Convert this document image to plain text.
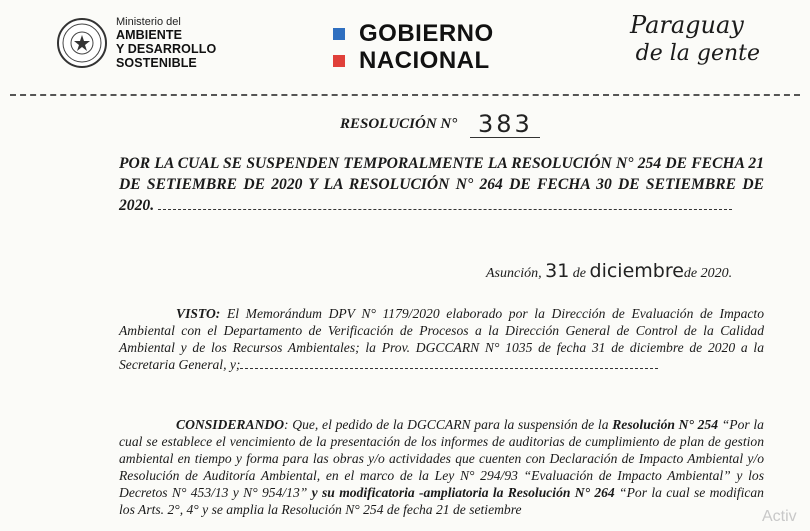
Ministerio del
AMBIENTE
Y DESARROLLO
SOSTENIBLE
GOBIERNO
NACIONAL
Paraguay
de la gente
RESOLUCIÓN N° 383
POR LA CUAL SE SUSPENDEN TEMPORALMENTE LA RESOLUCIÓN N° 254 DE FECHA 21 DE SETIEMBRE DE 2020 Y LA RESOLUCIÓN N° 264 DE FECHA 30 DE SETIEMBRE DE 2020.
Asunción, 31 de diciembrede 2020.
VISTO: El Memorándum DPV N° 1179/2020 elaborado por la Dirección de Evaluación de Impacto Ambiental con el Departamento de Verificación de Procesos a la Dirección General de Control de la Calidad Ambiental y de los Recursos Ambientales; la Prov. DGCCARN N° 1035 de fecha 31 de diciembre de 2020 a la Secretaria General, y;
CONSIDERANDO: Que, el pedido de la DGCCARN para la suspensión de la Resolución N° 254 “Por la cual se establece el vencimiento de la presentación de los informes de auditorias de cumplimiento de plan de gestion ambiental en tiempo y forma para las obras y/o actividades que cuenten con Declaración de Impacto Ambiental y/o Resolución de Auditoría Ambiental, en el marco de la Ley N° 294/93 “Evaluación de Impacto Ambiental” y los Decretos N° 453/13 y N° 954/13” y su modificatoria -ampliatoria la Resolución N° 264 “Por la cual se modifican los Arts. 2°, 4° y se amplia la Resolución N° 254 de fecha 21 de setiembre	Activ
